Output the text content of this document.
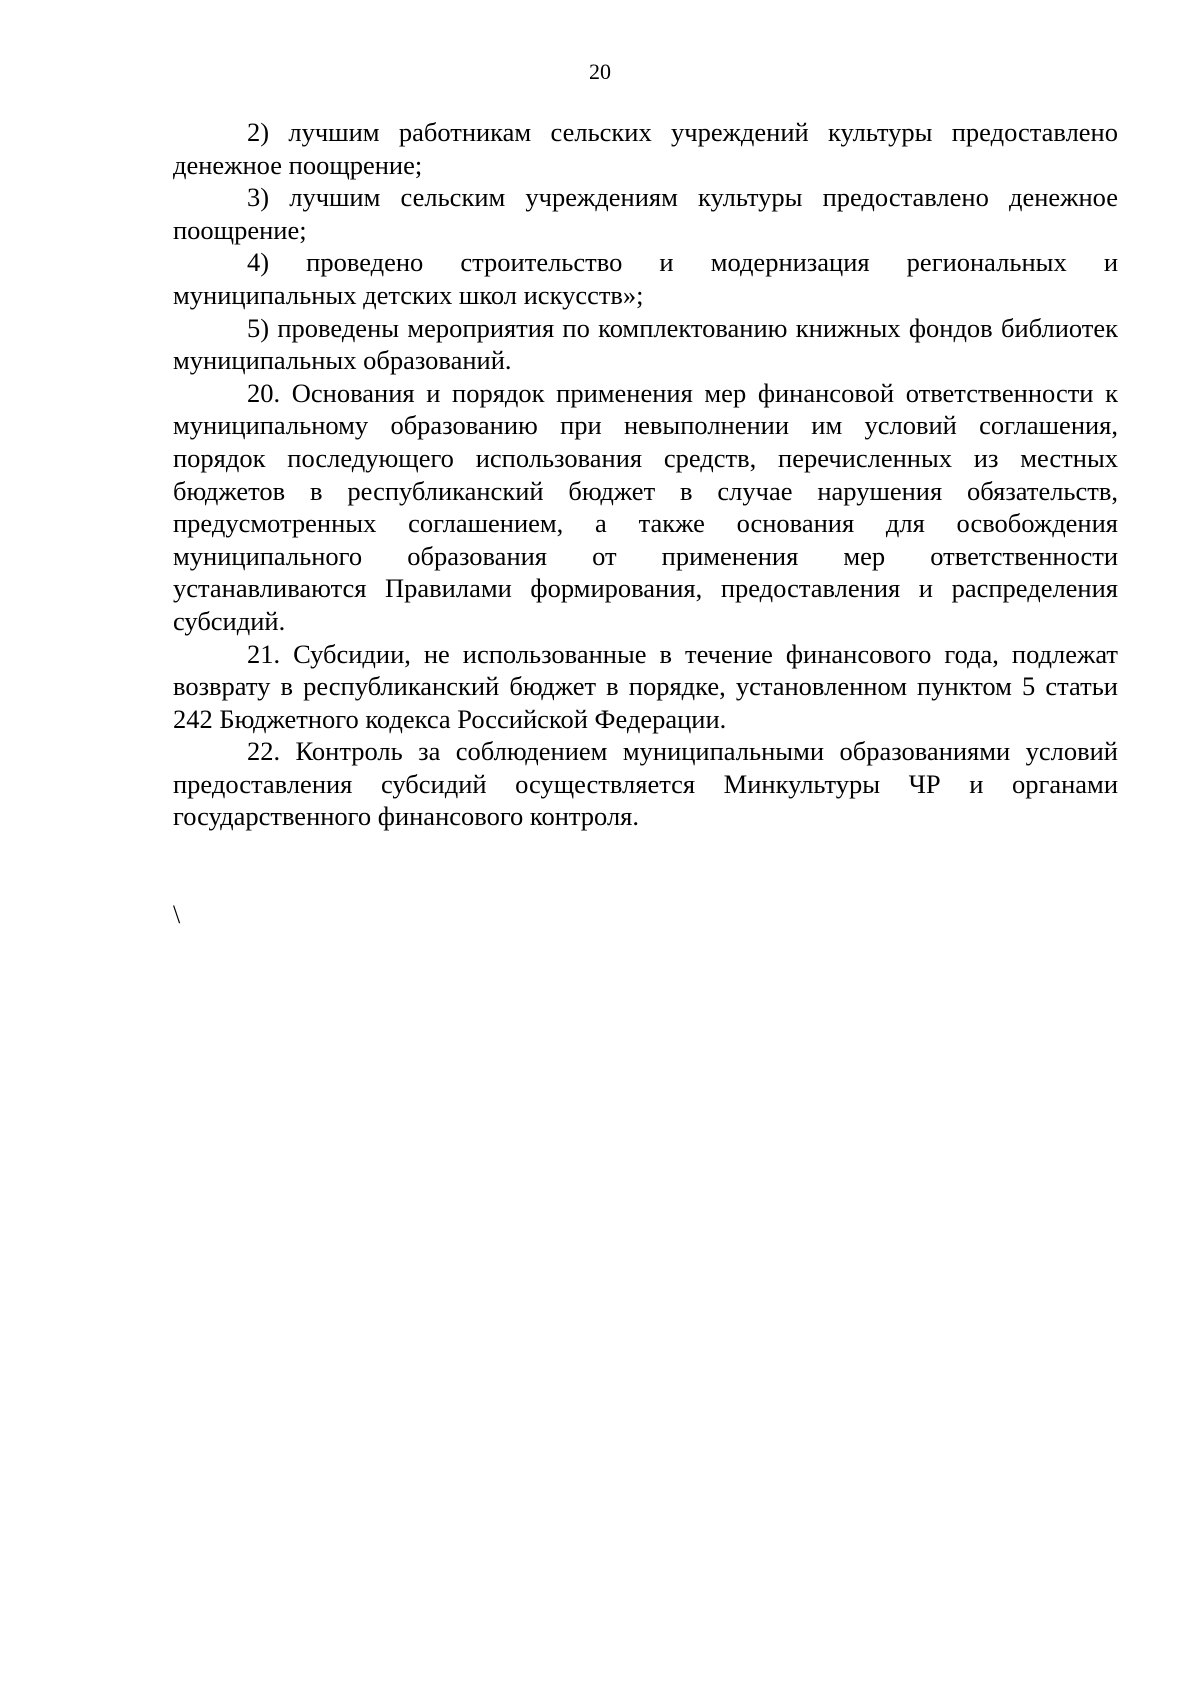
20

2) лучшим работникам сельских учреждений культуры предоставлено денежное поощрение;

3) лучшим сельским учреждениям культуры предоставлено денежное поощрение;

4) проведено строительство и модернизация региональных и муниципальных детских школ искусств»;

5) проведены мероприятия по комплектованию книжных фондов библиотек муниципальных образований.

20. Основания и порядок применения мер финансовой ответственности к муниципальному образованию при невыполнении им условий соглашения, порядок последующего использования средств, перечисленных из местных бюджетов в республиканский бюджет в случае нарушения обязательств, предусмотренных соглашением, а также основания для освобождения муниципального образования от применения мер ответственности устанавливаются Правилами формирования, предоставления и распределения субсидий.

21. Субсидии, не использованные в течение финансового года, подлежат возврату в республиканский бюджет в порядке, установленном пунктом 5 статьи 242 Бюджетного кодекса Российской Федерации.

22. Контроль за соблюдением муниципальными образованиями условий предоставления субсидий осуществляется Минкультуры ЧР и органами государственного финансового контроля.

\
